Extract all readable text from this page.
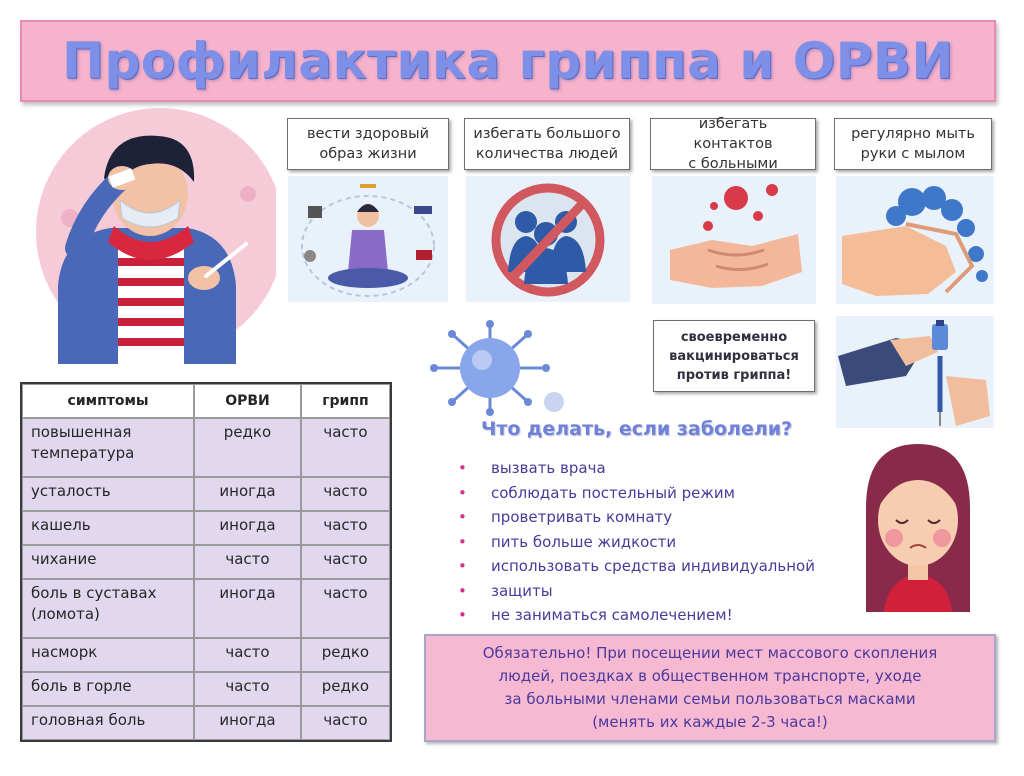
Профилактика гриппа и ОРВИ
вести здоровый
образ жизни
избегать большого
количества людей
избегать контактов
с больными
регулярно мыть
руки с мылом
своевременно
вакцинироваться
против гриппа!
симптомы	ОРВИ	грипп
повышенная
температура	редко	часто
усталость	иногда	часто
кашель	иногда	часто
чихание	часто	часто
боль в суставах
(ломота)	иногда	часто
насморк	часто	редко
боль в горле	часто	редко
головная боль	иногда	часто
Что делать, если заболели?
• вызвать врача
• соблюдать постельный режим
• проветривать комнату
• пить больше жидкости
• использовать средства индивидуальной
• защиты
• не заниматься самолечением!
Обязательно! При посещении мест массового скопления
людей, поездках в общественном транспорте, уходе
за больными членами семьи пользоваться масками
(менять их каждые 2-3 часа!)
